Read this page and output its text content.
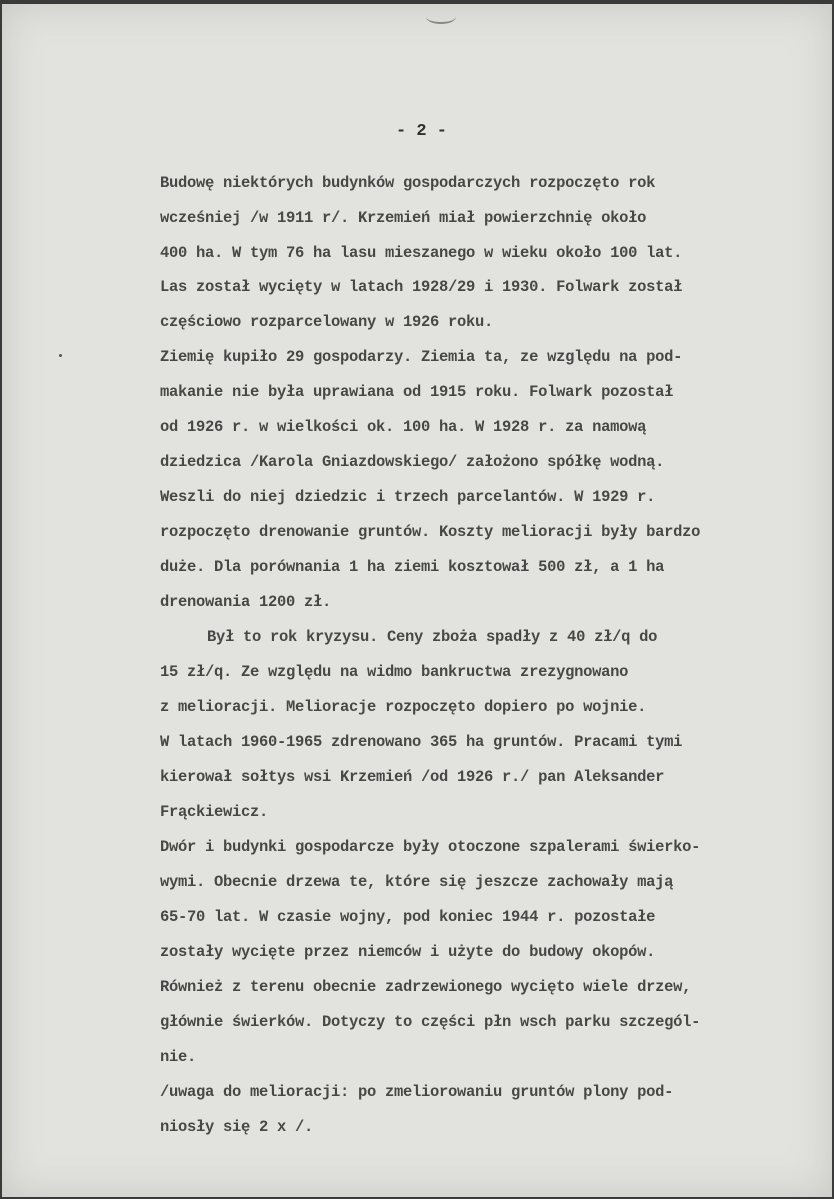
- 2 -
Budowę niektórych budynków gospodarczych rozpoczęto rok
wcześniej /w 1911 r/. Krzemień miał powierzchnię około
400 ha. W tym 76 ha lasu mieszanego w wieku około 100 lat.
Las został wycięty w latach 1928/29 i 1930. Folwark został
częściowo rozparcelowany w 1926 roku.
Ziemię kupiło 29 gospodarzy. Ziemia ta, ze względu na pod-
makanie nie była uprawiana od 1915 roku. Folwark pozostał
od 1926 r. w wielkości ok. 100 ha. W 1928 r. za namową
dziedzica /Karola Gniazdowskiego/ założono spółkę wodną.
Weszli do niej dziedzic i trzech parcelantów. W 1929 r.
rozpoczęto drenowanie gruntów. Koszty melioracji były bardzo
duże. Dla porównania 1 ha ziemi kosztował 500 zł, a 1 ha
drenowania 1200 zł.
Był to rok kryzysu. Ceny zboża spadły z 40 zł/q do
15 zł/q. Ze względu na widmo bankructwa zrezygnowano
z melioracji. Melioracje rozpoczęto dopiero po wojnie.
W latach 1960-1965 zdrenowano 365 ha gruntów. Pracami tymi
kierował sołtys wsi Krzemień /od 1926 r./ pan Aleksander
Frąckiewicz.
Dwór i budynki gospodarcze były otoczone szpalerami świerko-
wymi. Obecnie drzewa te, które się jeszcze zachowały mają
65-70 lat. W czasie wojny, pod koniec 1944 r. pozostałe
zostały wycięte przez niemców i użyte do budowy okopów.
Również z terenu obecnie zadrzewionego wycięto wiele drzew,
głównie świerków. Dotyczy to części płn wsch parku szczegól-
nie.
/uwaga do melioracji: po zmeliorowaniu gruntów plony pod-
niosły się 2 x /.
